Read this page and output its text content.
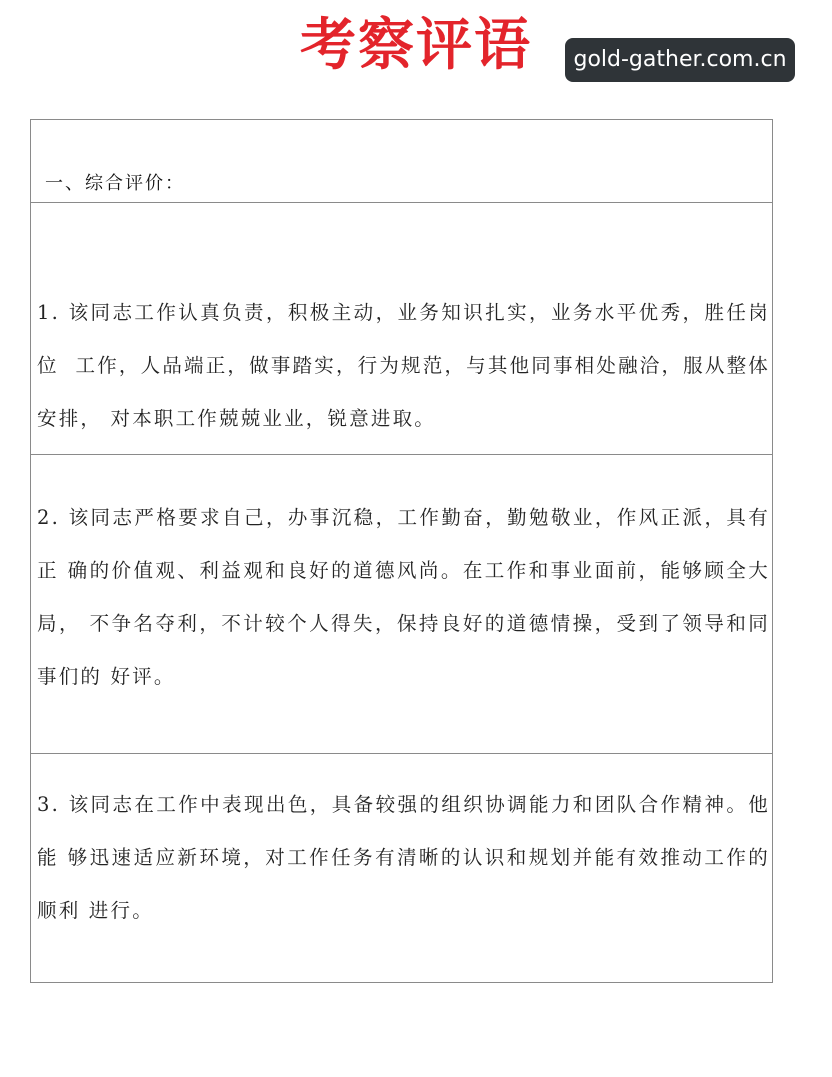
考察评语	gold-gather.com.cn
一、综合评价：

1. 该同志工作认真负责，积极主动，业务知识扎实，业务水平优秀，胜任岗位  工作，人品端正，做事踏实，行为规范，与其他同事相处融洽，服从整体安排， 对本职工作兢兢业业，锐意进取。

2. 该同志严格要求自己，办事沉稳，工作勤奋，勤勉敬业，作风正派，具有正 确的价值观、利益观和良好的道德风尚。在工作和事业面前，能够顾全大局， 不争名夺利，不计较个人得失，保持良好的道德情操，受到了领导和同事们的 好评。

3. 该同志在工作中表现出色，具备较强的组织协调能力和团队合作精神。他能 够迅速适应新环境，对工作任务有清晰的认识和规划并能有效推动工作的顺利 进行。
